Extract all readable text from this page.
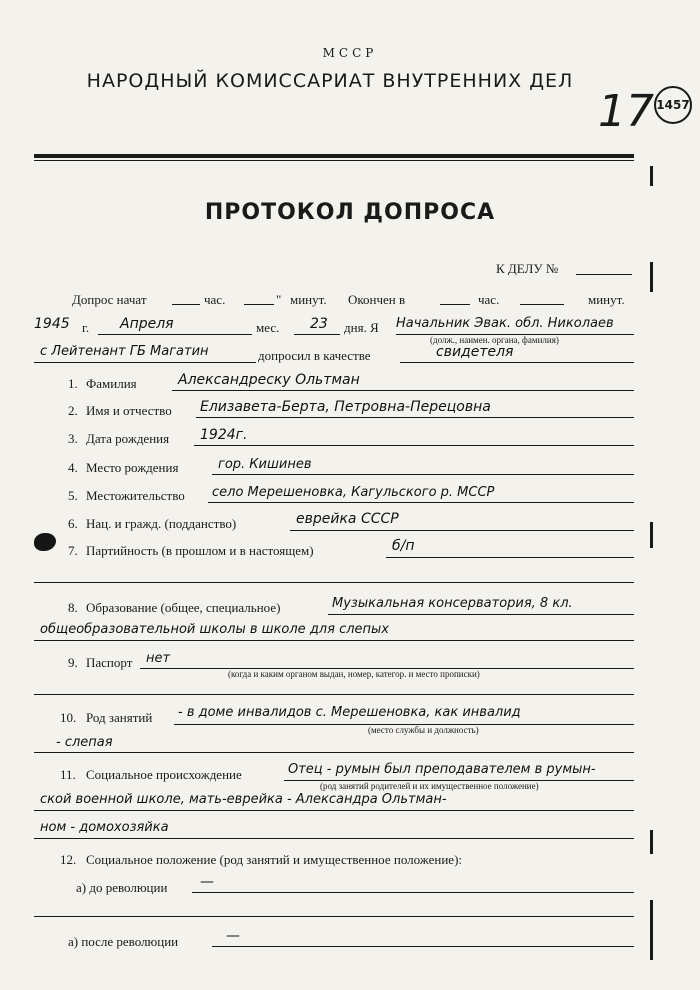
МССР
НАРОДНЫЙ КОМИССАРИАТ ВНУТРЕННИХ ДЕЛ
17 1457
ПРОТОКОЛ ДОПРОСА
К ДЕЛУ №
Допрос начат	час.	" минут. Окончен в	час.	минут.
1945 г. Апреля	мес. 23 дня. Я Начальник Эвак. обл. Николаев
(долж., наимен. органа, фамилия)
с Лейтенант ГБ Магатин	допросил в качестве	свидетеля
1. Фамилия	Александреску Ольтман
2. Имя и отчество Елизавета-Берта, Петровна-Перецовна
3. Дата рождения 1924г.
4. Место рождения	гор. Кишинев
5. Местожительство село Мерешеновка, Кагульского р. МССР
6. Нац. и гражд. (подданство)	еврейка СССР
7. Партийность (в прошлом и в настоящем)	б/п
8. Образование (общее, специальное)	Музыкальная консерватория, 8 кл.
общеобразовательной школы в школе для слепых
9. Паспорт нет
(когда и каким органом выдан, номер, категор. и место прописки)
10. Род занятий - в доме инвалидов с. Мерешеновка, как инвалид
(место службы и должность)
- слепая
11. Социальное происхождение	Отец - румын был преподавателем в румын-
(род занятий родителей и их имущественное положение)
ской военной школе, мать-еврейка - Александра Ольтман-
ном - домохозяйка
12. Социальное положение (род занятий и имущественное положение):
а) до революции —
а) после революции	—
